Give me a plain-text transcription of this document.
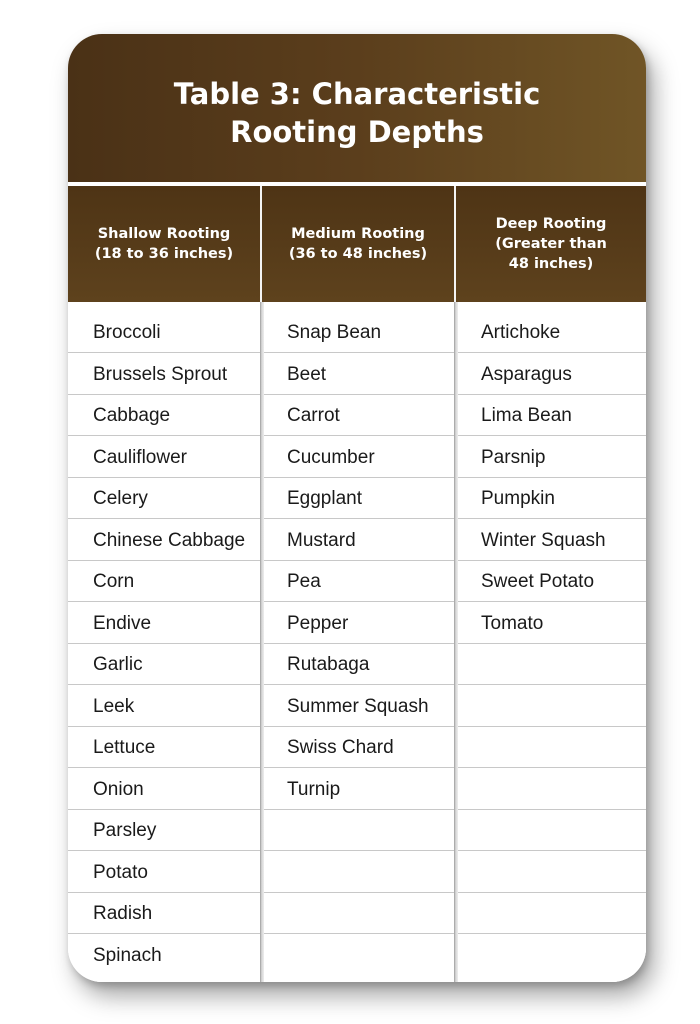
Table 3: Characteristic Rooting Depths
Shallow Rooting
(18 to 36 inches)
Medium Rooting
(36 to 48 inches)
Deep Rooting
(Greater than
48 inches)
Broccoli
Brussels Sprout
Cabbage
Cauliflower
Celery
Chinese Cabbage
Corn
Endive
Garlic
Leek
Lettuce
Onion
Parsley
Potato
Radish
Spinach
Snap Bean
Beet
Carrot
Cucumber
Eggplant
Mustard
Pea
Pepper
Rutabaga
Summer Squash
Swiss Chard
Turnip
Artichoke
Asparagus
Lima Bean
Parsnip
Pumpkin
Winter Squash
Sweet Potato
Tomato
